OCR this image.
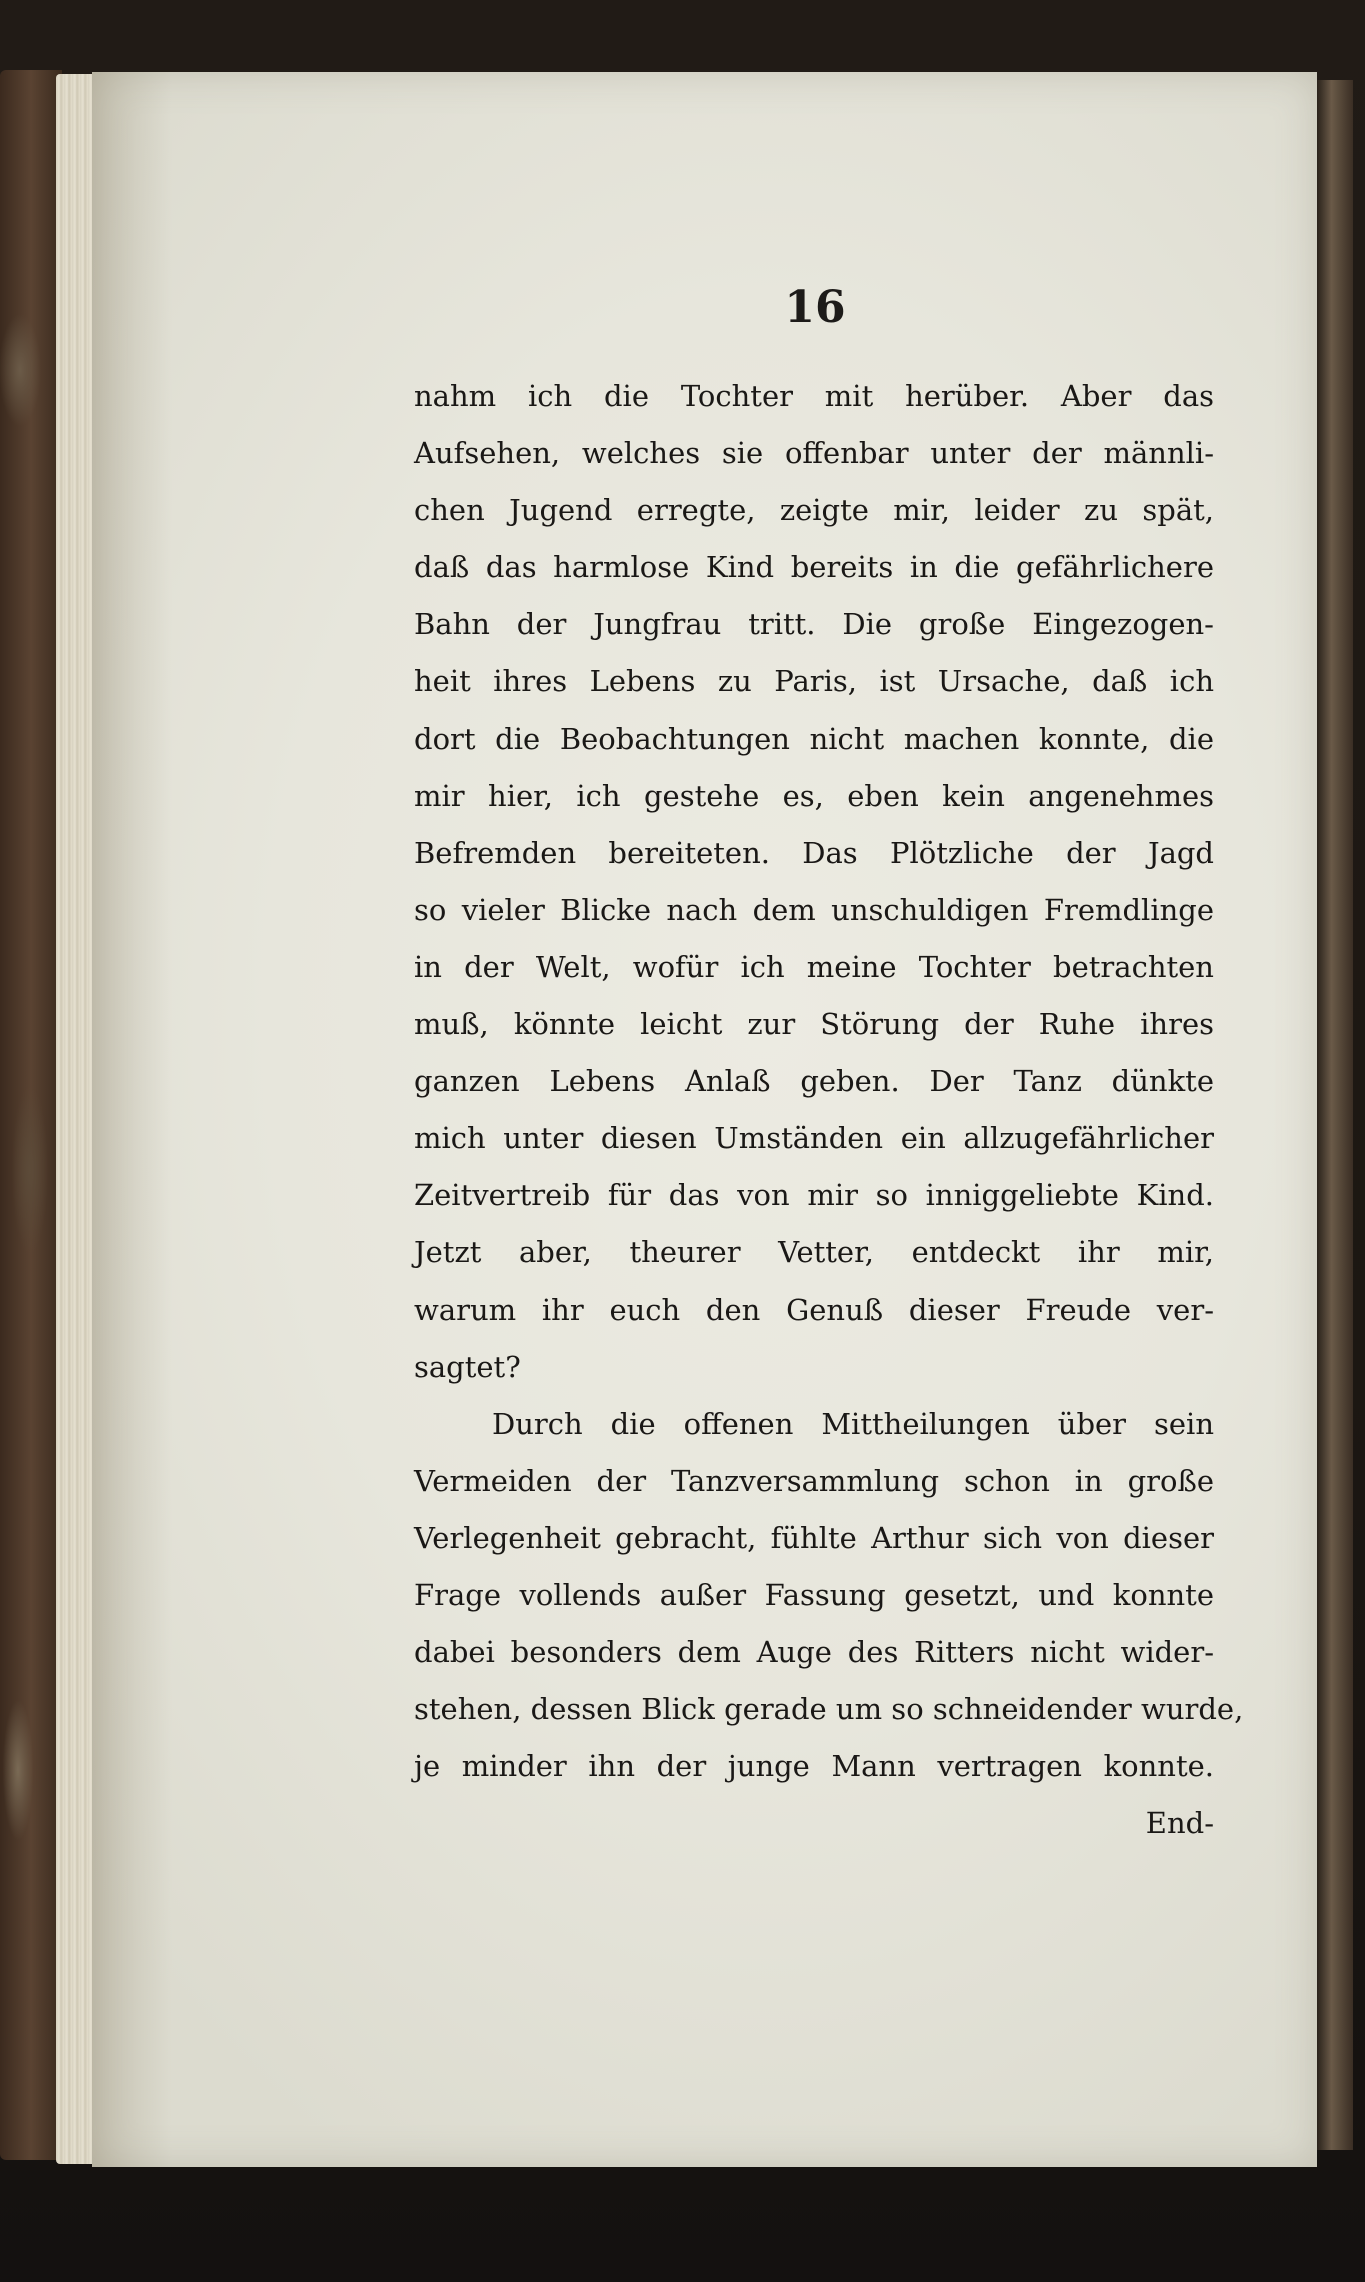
16
nahm ich die Tochter mit herüber. Aber das
Aufsehen, welches sie offenbar unter der männli-
chen Jugend erregte, zeigte mir, leider zu spät,
daß das harmlose Kind bereits in die gefährlichere
Bahn der Jungfrau tritt. Die große Eingezogen-
heit ihres Lebens zu Paris, ist Ursache, daß ich
dort die Beobachtungen nicht machen konnte, die
mir hier, ich gestehe es, eben kein angenehmes
Befremden bereiteten. Das Plötzliche der Jagd
so vieler Blicke nach dem unschuldigen Fremdlinge
in der Welt, wofür ich meine Tochter betrachten
muß, könnte leicht zur Störung der Ruhe ihres
ganzen Lebens Anlaß geben. Der Tanz dünkte
mich unter diesen Umständen ein allzugefährlicher
Zeitvertreib für das von mir so inniggeliebte Kind.
Jetzt aber, theurer Vetter, entdeckt ihr mir,
warum ihr euch den Genuß dieser Freude ver-
sagtet?
Durch die offenen Mittheilungen über sein
Vermeiden der Tanzversammlung schon in große
Verlegenheit gebracht, fühlte Arthur sich von dieser
Frage vollends außer Fassung gesetzt, und konnte
dabei besonders dem Auge des Ritters nicht wider-
stehen, dessen Blick gerade um so schneidender wurde,
je minder ihn der junge Mann vertragen konnte.
End-
